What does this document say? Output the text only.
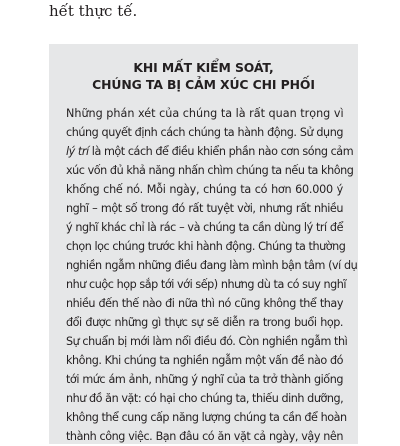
hết thực tế.

KHI MẤT KIỂM SOÁT,
CHÚNG TA BỊ CẢM XÚC CHI PHỐI
Những phán xét của chúng ta là rất quan trọng vì
chúng quyết định cách chúng ta hành động. Sử dụng
lý trí là một cách để điều khiển phần nào cơn sóng cảm
xúc vốn đủ khả năng nhấn chìm chúng ta nếu ta không
khống chế nó. Mỗi ngày, chúng ta có hơn 60.000 ý
nghĩ – một số trong đó rất tuyệt vời, nhưng rất nhiều
ý nghĩ khác chỉ là rác – và chúng ta cần dùng lý trí để
chọn lọc chúng trước khi hành động. Chúng ta thường
nghiền ngẫm những điều đang làm mình bận tâm (ví dụ
như cuộc họp sắp tới với sếp) nhưng dù ta có suy nghĩ
nhiều đến thế nào đi nữa thì nó cũng không thể thay
đổi được những gì thực sự sẽ diễn ra trong buổi họp.
Sự chuẩn bị mới làm nổi điều đó. Còn nghiền ngẫm thì
không. Khi chúng ta nghiền ngẫm một vấn đề nào đó
tới mức ám ảnh, những ý nghĩ của ta trở thành giống
như đồ ăn vặt: có hại cho chúng ta, thiếu dinh dưỡng,
không thể cung cấp năng lượng chúng ta cần để hoàn
thành công việc. Bạn đâu có ăn vặt cả ngày, vậy nên
